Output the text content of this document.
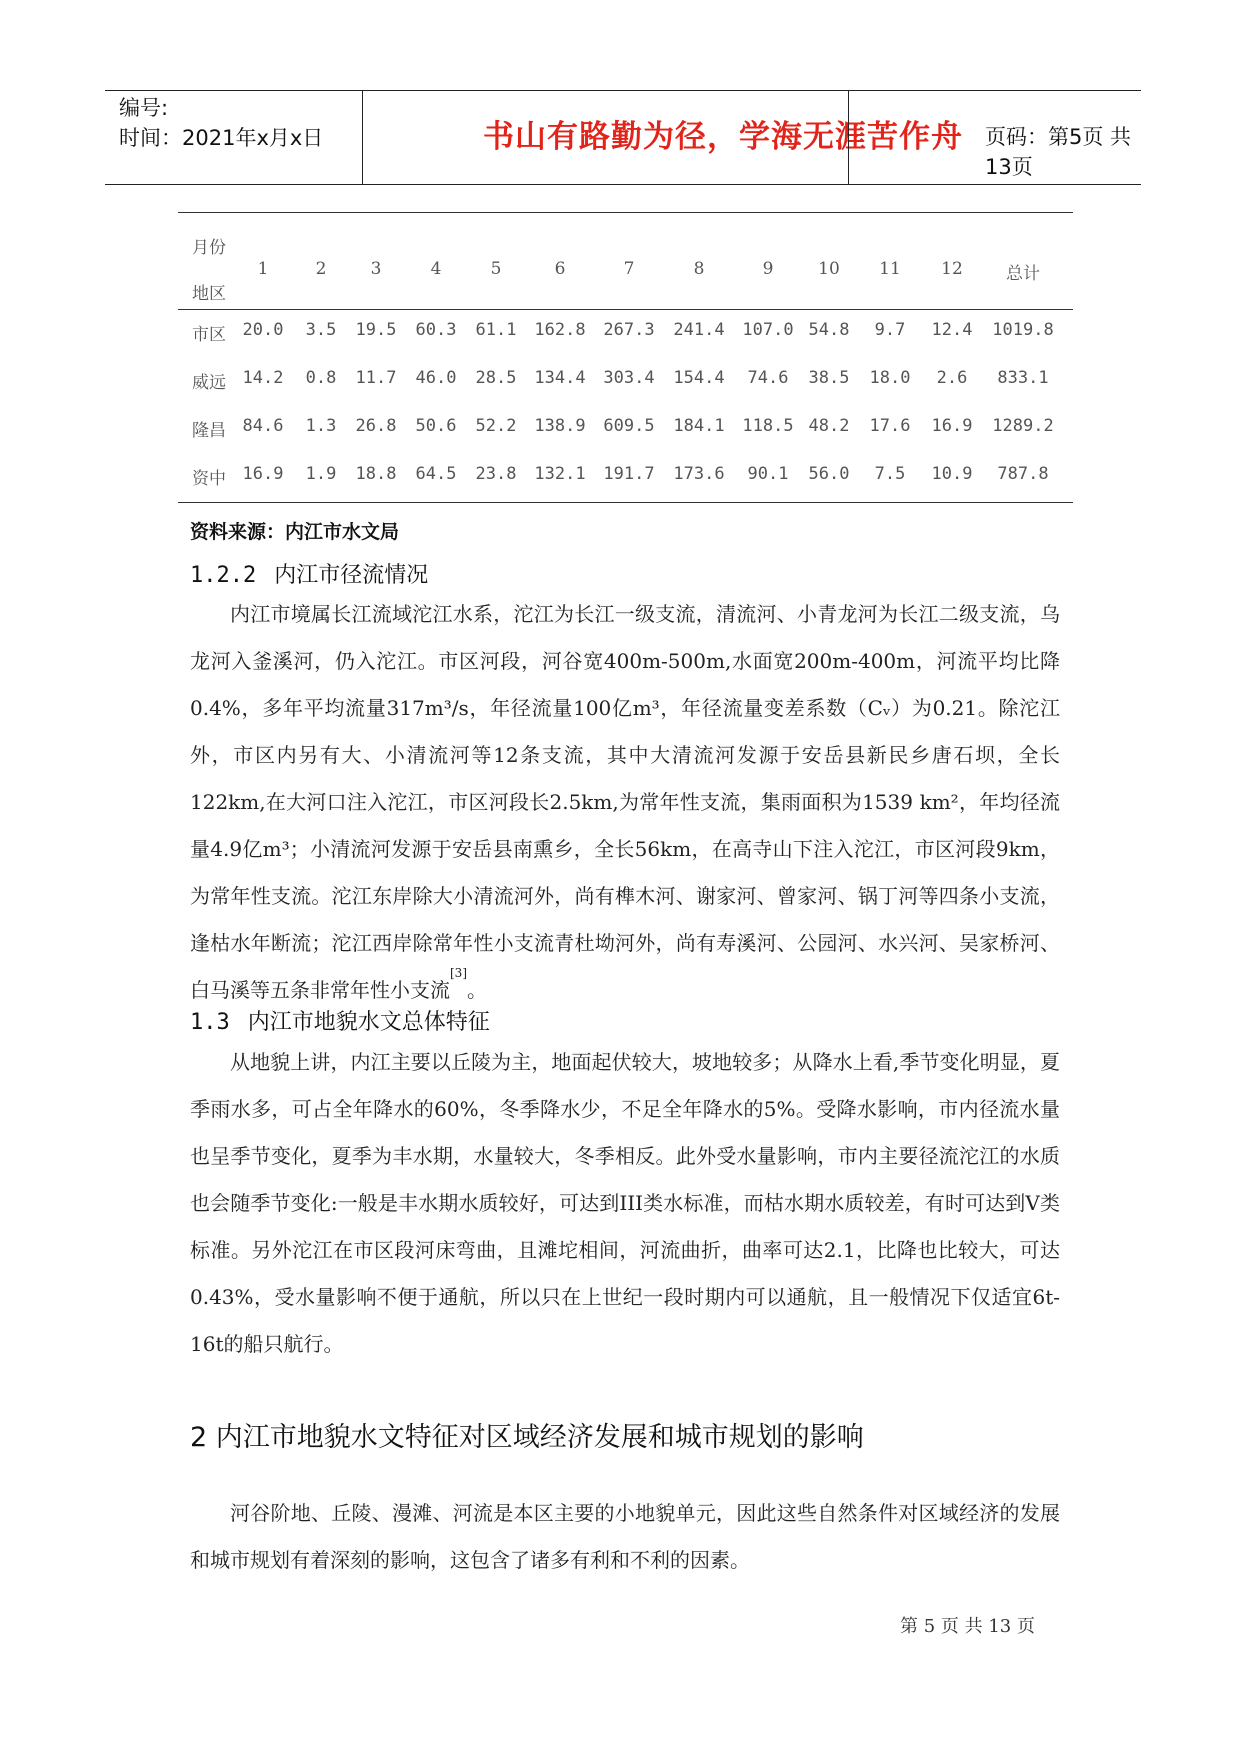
编号:
时间：2021年x月x日	书山有路勤为径，学海无涯苦作舟 页码：第5页 共13页
月份
地区
1	2	3	4	5	6	7	8	9	10 11 12	总计
市区 20.0 3.5 19.5 60.3 61.1 162.8 267.3 241.4 107.0 54.8 9.7 12.4 1019.8
威远 14.2 0.8 11.7 46.0 28.5 134.4 303.4 154.4 74.6 38.5 18.0 2.6 833.1
隆昌 84.6 1.3 26.8 50.6 52.2 138.9 609.5 184.1 118.5 48.2 17.6 16.9 1289.2
资中 16.9 1.9 18.8 64.5 23.8 132.1 191.7 173.6 90.1 56.0 7.5 10.9 787.8
资料来源：内江市水文局
1.2.2 内江市径流情况
内江市境属长江流域沱江水系，沱江为长江一级支流，清流河、小青龙河为长江二级支流，乌龙河入釜溪河，仍入沱江。市区河段，河谷宽400m-500m,水面宽200m-400m，河流平均比降0.4%，多年平均流量317m³/s，年径流量100亿m³，年径流量变差系数（Cᵥ）为0.21。除沱江外，市区内另有大、小清流河等12条支流，其中大清流河发源于安岳县新民乡唐石坝，全长122km,在大河口注入沱江，市区河段长2.5km,为常年性支流，集雨面积为1539 km²，年均径流量4.9亿m³；小清流河发源于安岳县南熏乡，全长56km，在高寺山下注入沱江，市区河段9km，为常年性支流。沱江东岸除大小清流河外，尚有榫木河、谢家河、曾家河、锅丁河等四条小支流，逢枯水年断流；沱江西岸除常年性小支流青杜坳河外，尚有寿溪河、公园河、水兴河、吴家桥河、白马溪等五条非常年性小支流[3]。
1.3 内江市地貌水文总体特征
从地貌上讲，内江主要以丘陵为主，地面起伏较大，坡地较多；从降水上看,季节变化明显，夏季雨水多，可占全年降水的60%，冬季降水少，不足全年降水的5%。受降水影响，市内径流水量也呈季节变化，夏季为丰水期，水量较大，冬季相反。此外受水量影响，市内主要径流沱江的水质也会随季节变化:一般是丰水期水质较好，可达到III类水标准，而枯水期水质较差，有时可达到V类标准。另外沱江在市区段河床弯曲，且滩坨相间，河流曲折，曲率可达2.1，比降也比较大，可达0.43%，受水量影响不便于通航，所以只在上世纪一段时期内可以通航，且一般情况下仅适宜6t-16t的船只航行。
2 内江市地貌水文特征对区域经济发展和城市规划的影响
河谷阶地、丘陵、漫滩、河流是本区主要的小地貌单元，因此这些自然条件对区域经济的发展和城市规划有着深刻的影响，这包含了诸多有利和不利的因素。
第 5 页 共 13 页
